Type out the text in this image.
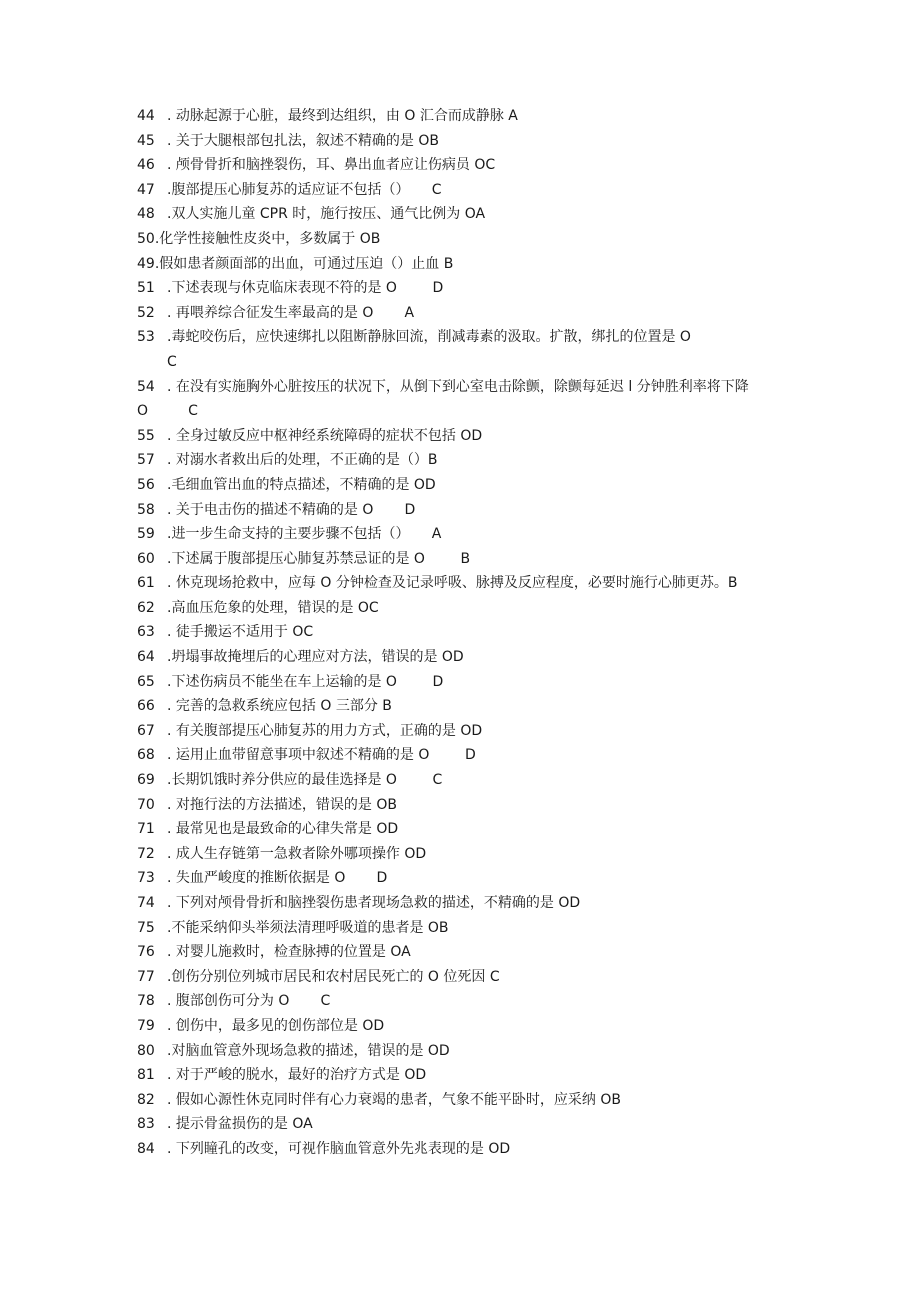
44 . 动脉起源于心脏，最终到达组织，由 O 汇合而成静脉 A
45 . 关于大腿根部包扎法，叙述不精确的是 OB
46 . 颅骨骨折和脑挫裂伤，耳、鼻出血者应让伤病员 OC
47 .腹部提压心肺复苏的适应证不包括（）     C
48 .双人实施儿童 CPR 时，施行按压、通气比例为 OA
50.化学性接触性皮炎中，多数属于 OB
49.假如患者颜面部的出血，可通过压迫（）止血 B
51 .下述表现与休克临床表现不符的是 O        D
52 . 再喂养综合征发生率最高的是 O       A
53 .毒蛇咬伤后，应快速绑扎以阻断静脉回流，削减毒素的汲取。扩散，绑扎的位置是 O
C
54 . 在没有实施胸外心脏按压的状况下，从倒下到心室电击除颤，除颤每延迟 l 分钟胜利率将下降 O         C
55 . 全身过敏反应中枢神经系统障碍的症状不包括 OD
57 . 对溺水者救出后的处理，不正确的是（）B
56 .毛细血管出血的特点描述，不精确的是 OD
58 . 关于电击伤的描述不精确的是 O       D
59 .进一步生命支持的主要步骤不包括（）     A
60 .下述属于腹部提压心肺复苏禁忌证的是 O        B
61 . 休克现场抢救中，应每 O 分钟检查及记录呼吸、脉搏及反应程度，必要时施行心肺更苏。B
62 .高血压危象的处理，错误的是 OC
63 . 徒手搬运不适用于 OC
64 .坍塌事故掩埋后的心理应对方法，错误的是 OD
65 .下述伤病员不能坐在车上运输的是 O        D
66 . 完善的急救系统应包括 O 三部分 B
67 . 有关腹部提压心肺复苏的用力方式，正确的是 OD
68 . 运用止血带留意事项中叙述不精确的是 O        D
69 .长期饥饿时养分供应的最佳选择是 O        C
70 . 对拖行法的方法描述，错误的是 OB
71 . 最常见也是最致命的心律失常是 OD
72 . 成人生存链第一急救者除外哪项操作 OD
73 . 失血严峻度的推断依据是 O       D
74 . 下列对颅骨骨折和脑挫裂伤患者现场急救的描述，不精确的是 OD
75 .不能采纳仰头举须法清理呼吸道的患者是 OB
76 . 对婴儿施救时，检查脉搏的位置是 OA
77 .创伤分别位列城市居民和农村居民死亡的 O 位死因 C
78 . 腹部创伤可分为 O       C
79 . 创伤中，最多见的创伤部位是 OD
80 .对脑血管意外现场急救的描述，错误的是 OD
81 . 对于严峻的脱水，最好的治疗方式是 OD
82 . 假如心源性休克同时伴有心力衰竭的患者，气象不能平卧时，应采纳 OB
83 . 提示骨盆损伤的是 OA
84 . 下列瞳孔的改变，可视作脑血管意外先兆表现的是 OD
